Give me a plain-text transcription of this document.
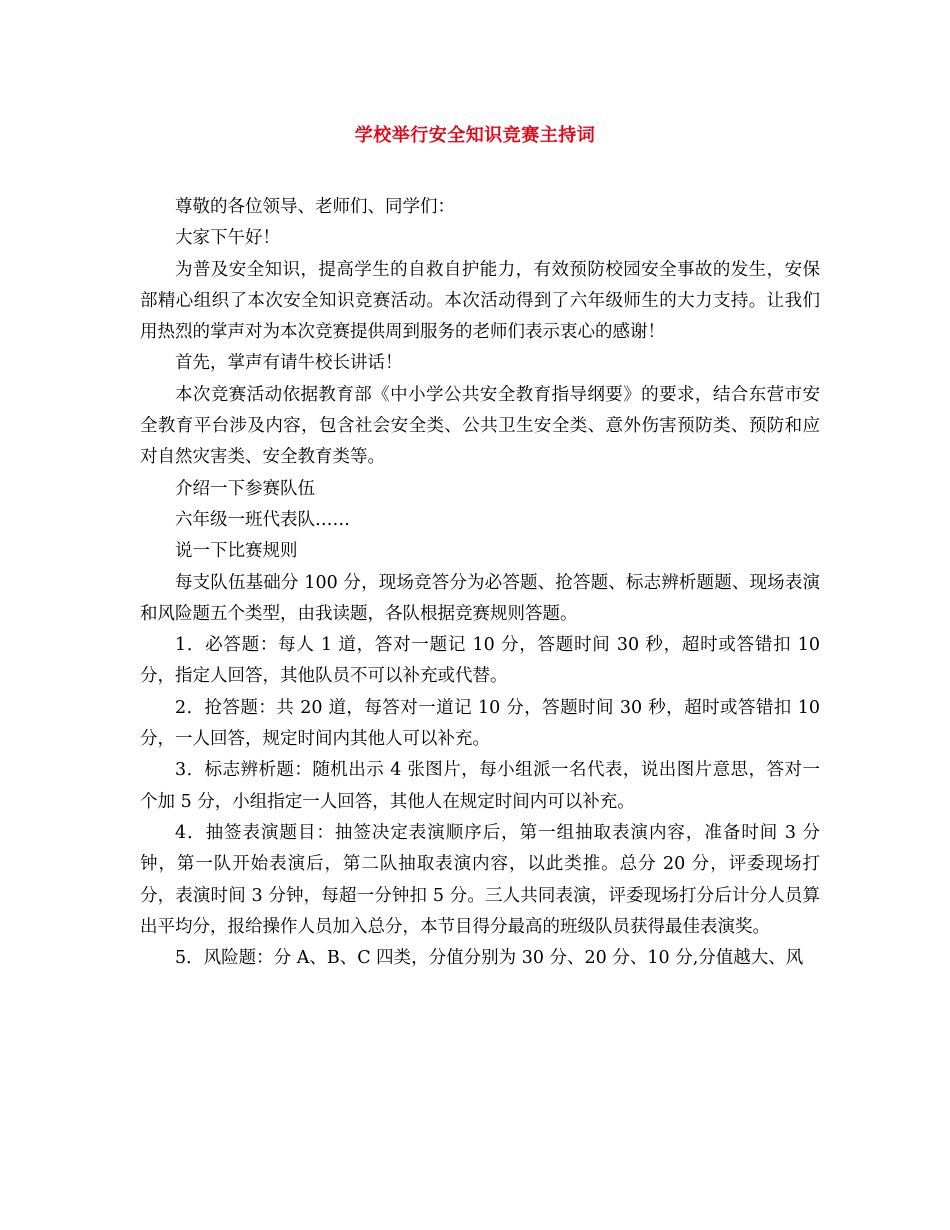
学校举行安全知识竞赛主持词

尊敬的各位领导、老师们、同学们：

大家下午好！

为普及安全知识，提高学生的自救自护能力，有效预防校园安全事故的发生，安保部精心组织了本次安全知识竞赛活动。本次活动得到了六年级师生的大力支持。让我们用热烈的掌声对为本次竞赛提供周到服务的老师们表示衷心的感谢！

首先，掌声有请牛校长讲话！

本次竞赛活动依据教育部《中小学公共安全教育指导纲要》的要求，结合东营市安全教育平台涉及内容，包含社会安全类、公共卫生安全类、意外伤害预防类、预防和应对自然灾害类、安全教育类等。

介绍一下参赛队伍

六年级一班代表队……

说一下比赛规则

每支队伍基础分 100 分，现场竞答分为必答题、抢答题、标志辨析题题、现场表演和风险题五个类型，由我读题，各队根据竞赛规则答题。

1．必答题：每人 1 道，答对一题记 10 分，答题时间 30 秒，超时或答错扣 10 分，指定人回答，其他队员不可以补充或代替。

2．抢答题：共 20 道，每答对一道记 10 分，答题时间 30 秒，超时或答错扣 10 分，一人回答，规定时间内其他人可以补充。

3．标志辨析题：随机出示 4 张图片，每小组派一名代表，说出图片意思，答对一个加 5 分，小组指定一人回答，其他人在规定时间内可以补充。

4．抽签表演题目：抽签决定表演顺序后，第一组抽取表演内容，准备时间 3 分钟，第一队开始表演后，第二队抽取表演内容，以此类推。总分 20 分，评委现场打分，表演时间 3 分钟，每超一分钟扣 5 分。三人共同表演，评委现场打分后计分人员算出平均分，报给操作人员加入总分，本节目得分最高的班级队员获得最佳表演奖。

5．风险题：分 A、B、C 四类，分值分别为 30 分、20 分、10 分,分值越大、风
